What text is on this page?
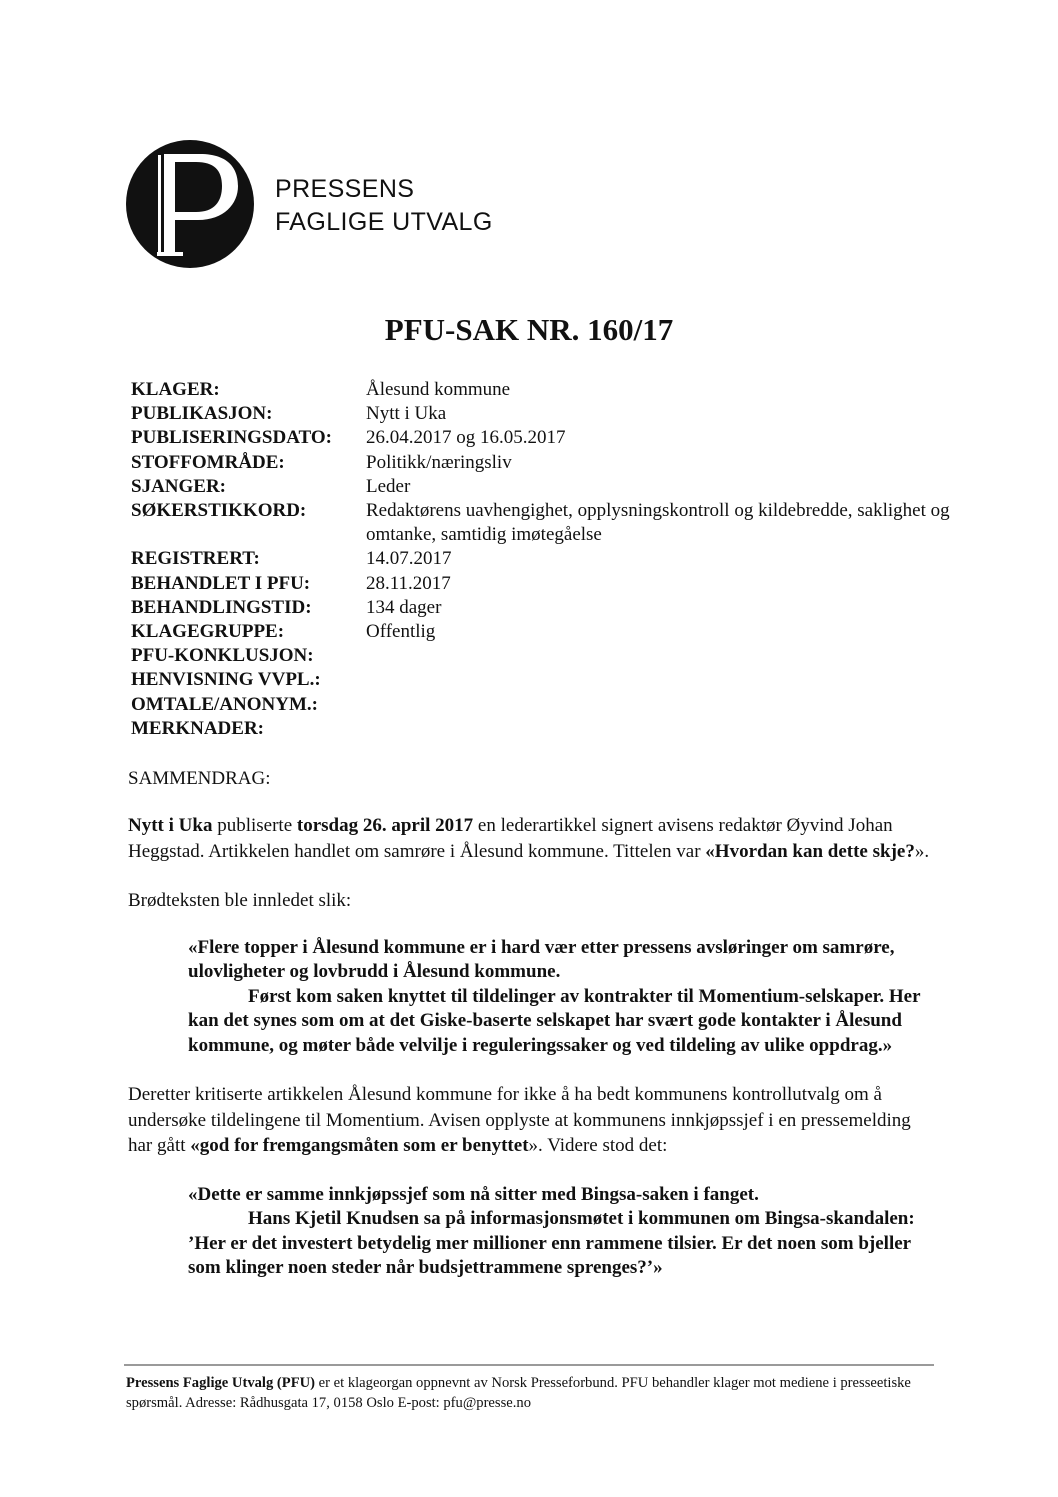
PRESSENS
FAGLIGE UTVALG
PFU-SAK NR. 160/17
KLAGER:	Ålesund kommune
PUBLIKASJON:	Nytt i Uka
PUBLISERINGSDATO:	26.04.2017 og 16.05.2017
STOFFOMRÅDE:	Politikk/næringsliv
SJANGER:	Leder
SØKERSTIKKORD:	Redaktørens uavhengighet, opplysningskontroll og kildebredde, saklighet og omtanke, samtidig imøtegåelse
REGISTRERT:	14.07.2017
BEHANDLET I PFU:	28.11.2017
BEHANDLINGSTID:	134 dager
KLAGEGRUPPE:	Offentlig
PFU-KONKLUSJON:
HENVISNING VVPL.:
OMTALE/ANONYM.:
MERKNADER:

SAMMENDRAG:

Nytt i Uka publiserte torsdag 26. april 2017 en lederartikkel signert avisens redaktør Øyvind Johan Heggstad. Artikkelen handlet om samrøre i Ålesund kommune. Tittelen var «Hvordan kan dette skje?».

Brødteksten ble innledet slik:

«Flere topper i Ålesund kommune er i hard vær etter pressens avsløringer om samrøre, ulovligheter og lovbrudd i Ålesund kommune.

Først kom saken knyttet til tildelinger av kontrakter til Momentium-selskaper. Her kan det synes som om at det Giske-baserte selskapet har svært gode kontakter i Ålesund kommune, og møter både velvilje i reguleringssaker og ved tildeling av ulike oppdrag.»

Deretter kritiserte artikkelen Ålesund kommune for ikke å ha bedt kommunens kontrollutvalg om å undersøke tildelingene til Momentium. Avisen opplyste at kommunens innkjøpssjef i en pressemelding har gått «god for fremgangsmåten som er benyttet». Videre stod det:

«Dette er samme innkjøpssjef som nå sitter med Bingsa-saken i fanget.

Hans Kjetil Knudsen sa på informasjonsmøtet i kommunen om Bingsa-skandalen: ’Her er det investert betydelig mer millioner enn rammene tilsier. Er det noen som bjeller som klinger noen steder når budsjettrammene sprenges?’»

Pressens Faglige Utvalg (PFU) er et klageorgan oppnevnt av Norsk Presseforbund. PFU behandler klager mot mediene i presseetiske spørsmål. Adresse: Rådhusgata 17, 0158 Oslo E-post: pfu@presse.no
